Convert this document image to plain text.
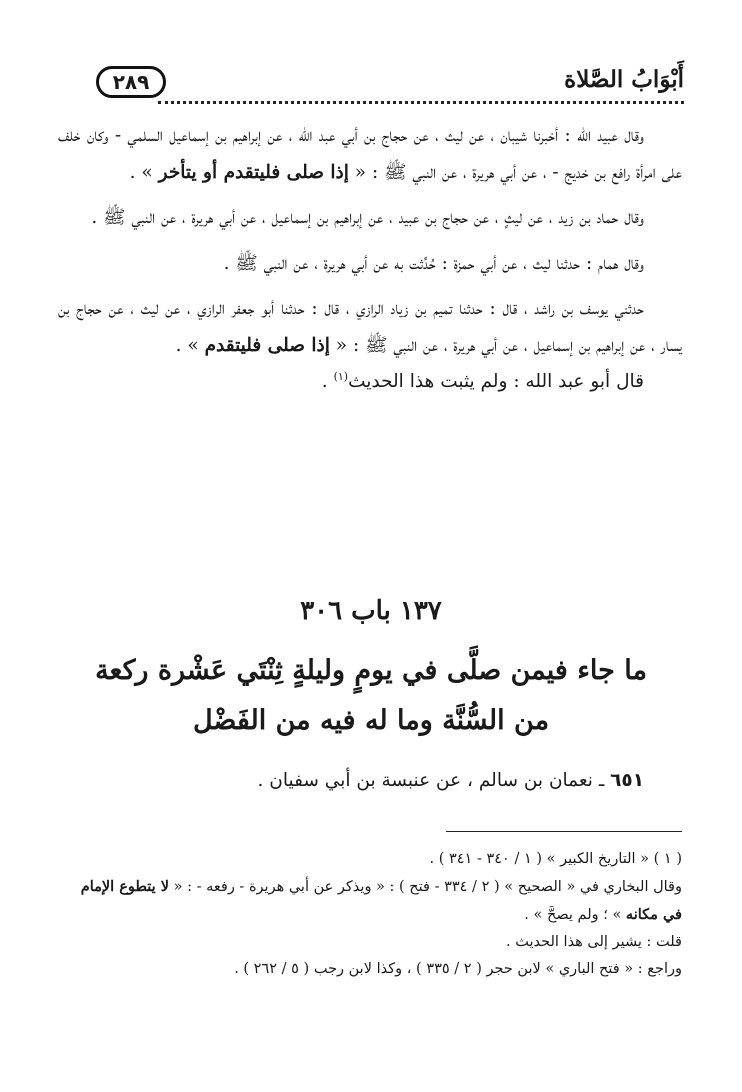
٢٨٩	أَبْوَابُ الصَّلاة

وقال عبيد الله : أخبرنا شيبان ، عن ليث ، عن حجاج بن أبي عبد الله ، عن إبراهيم بن إسماعيل السلمي - وكان خلف على امرأة رافع بن خديج - ، عن أبي هريرة ، عن النبي ﷺ : « إذا صلى فليتقدم أو يتأخر » .

وقال حماد بن زيد ، عن ليثٍ ، عن حجاج بن عبيد ، عن إبراهيم بن إسماعيل ، عن أبي هريرة ، عن النبي ﷺ .

وقال همام : حدثنا ليث ، عن أبي حمزة : حُدِّثت به عن أبي هريرة ، عن النبي ﷺ .

حدثني يوسف بن راشد ، قال : حدثنا تميم بن زياد الرازي ، قال : حدثنا أبو جعفر الرازي ، عن ليث ، عن حجاج بن يسار ، عن إبراهيم بن إسماعيل ، عن أبي هريرة ، عن النبي ﷺ : « إذا صلى فليتقدم » .

قال أبو عبد الله : ولم يثبت هذا الحديث$^{(١)}$ .

١٣٧ باب ٣٠٦
ما جاء فيمن صلَّى في يومٍ وليلةٍ ثِنْتَي عَشْرة ركعة
من السُّنَّة وما له فيه من الفَضْل
٦٥١ ـ نعمان بن سالم ، عن عنبسة بن أبي سفيان .

( ١ ) « التاريخ الكبير » ( ١ / ٣٤٠ - ٣٤١ ) .

وقال البخاري في « الصحيح » ( ٢ / ٣٣٤ - فتح ) : « ويذكر عن أبي هريرة - رفعه - : « لا يتطوع الإمام في مكانه » ؛ ولم يصحَّ » .

قلت : يشير إلى هذا الحديث .

وراجع : « فتح الباري » لابن حجر ( ٢ / ٣٣٥ ) ، وكذا لابن رجب ( ٥ / ٢٦٢ ) .
